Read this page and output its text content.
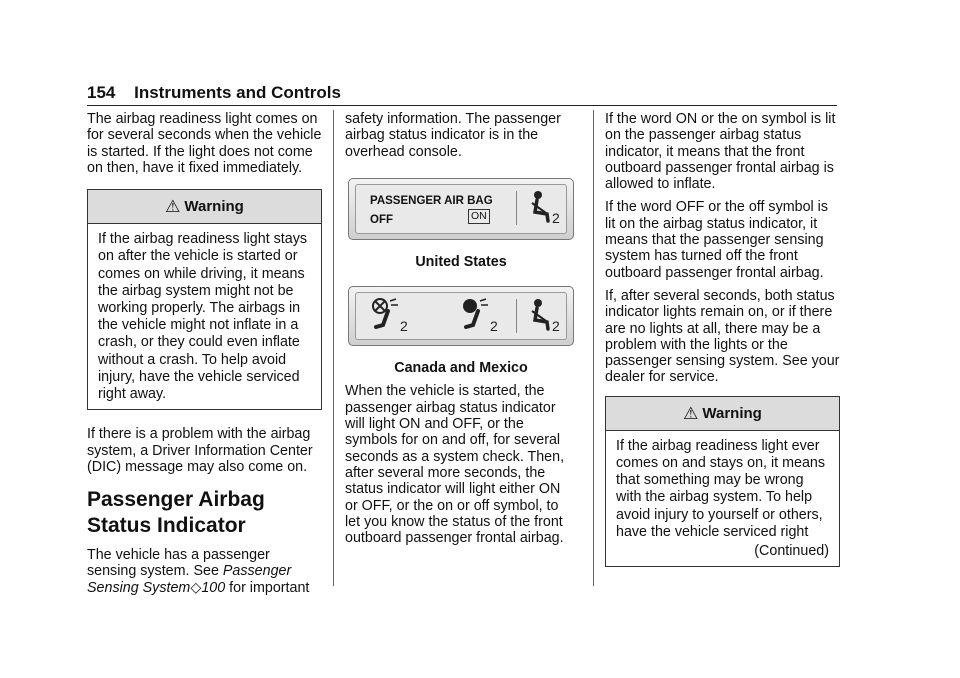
154 Instruments and Controls

The airbag readiness light comes on for several seconds when the vehicle is started. If the light does not come on then, have it fixed immediately.

⚠ Warning
If the airbag readiness light stays on after the vehicle is started or comes on while driving, it means the airbag system might not be working properly. The airbags in the vehicle might not inflate in a crash, or they could even inflate without a crash. To help avoid injury, have the vehicle serviced right away.

If there is a problem with the airbag system, a Driver Information Center (DIC) message may also come on.

Passenger Airbag Status Indicator

The vehicle has a passenger sensing system. See Passenger Sensing System◇100 for important

safety information. The passenger airbag status indicator is in the overhead console.

PASSENGER AIR BAG
OFF	ON	2
United States
2	2	2
Canada and Mexico

When the vehicle is started, the passenger airbag status indicator will light ON and OFF, or the symbols for on and off, for several seconds as a system check. Then, after several more seconds, the status indicator will light either ON or OFF, or the on or off symbol, to let you know the status of the front outboard passenger frontal airbag.

If the word ON or the on symbol is lit on the passenger airbag status indicator, it means that the front outboard passenger frontal airbag is allowed to inflate.

If the word OFF or the off symbol is lit on the airbag status indicator, it means that the passenger sensing system has turned off the front outboard passenger frontal airbag.

If, after several seconds, both status indicator lights remain on, or if there are no lights at all, there may be a problem with the lights or the passenger sensing system. See your dealer for service.

⚠ Warning
If the airbag readiness light ever comes on and stays on, it means that something may be wrong with the airbag system. To help avoid injury to yourself or others, have the vehicle serviced right
(Continued)
